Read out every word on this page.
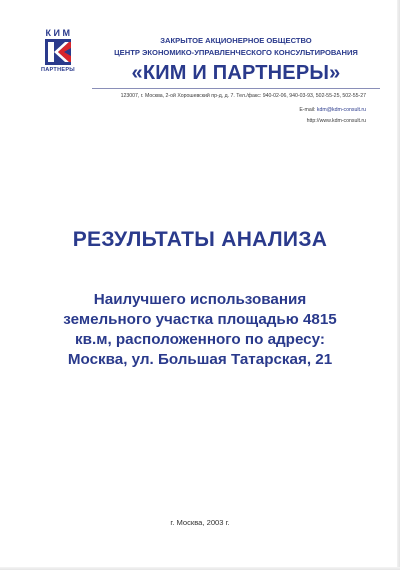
КИМ
ПАРТНЕРЫ
ЗАКРЫТОЕ АКЦИОНЕРНОЕ ОБЩЕСТВО
ЦЕНТР ЭКОНОМИКО-УПРАВЛЕНЧЕСКОГО КОНСУЛЬТИРОВАНИЯ
«КИМ И ПАРТНЕРЫ»
123007, г. Москва, 2-ой Хорошевский пр-д, д. 7. Тел./факс: 940-02-06, 940-03-93, 502-55-25, 502-55-27
E-mail: kdm@kdm-consult.ru
http://www.kdm-consult.ru
РЕЗУЛЬТАТЫ АНАЛИЗА
Наилучшего использования
земельного участка площадью 4815
кв.м, расположенного по адресу:
Москва, ул. Большая Татарская, 21
г. Москва, 2003 г.
